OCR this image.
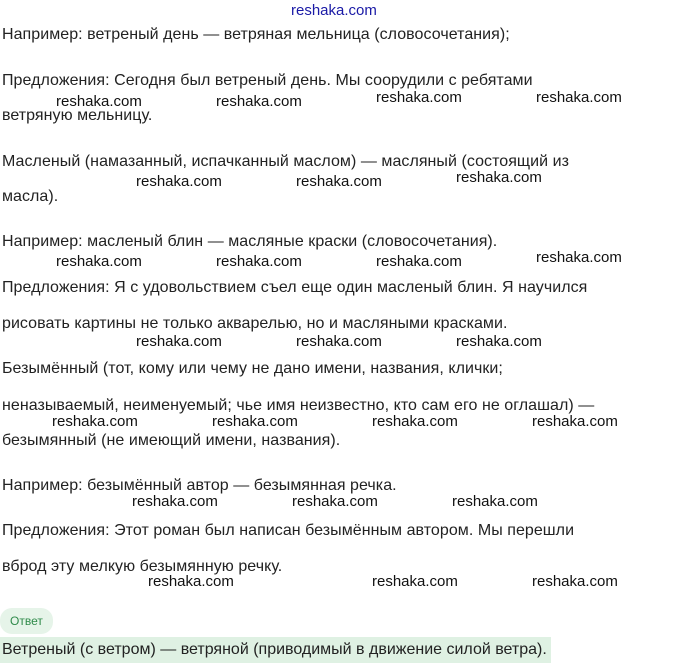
reshaka.com
Например: ветреный день — ветряная мельница (словосочетания);
Предложения: Сегодня был ветреный день. Мы соорудили с ребятами
ветряную мельницу.
Масленый (намазанный, испачканный маслом) — масляный (состоящий из
масла).
Например: масленый блин — масляные краски (словосочетания).
Предложения: Я с удовольствием съел еще один масленый блин. Я научился
рисовать картины не только акварелью, но и масляными красками.
Безымённый (тот, кому или чему не дано имени, названия, клички;
неназываемый, неименуемый; чье имя неизвестно, кто сам его не оглашал) —
безымянный (не имеющий имени, названия).
Например: безымённый автор — безымянная речка.
Предложения: Этот роман был написан безымённым автором. Мы перешли
вброд эту мелкую безымянную речку.
reshaka.com	reshaka.com	reshaka.com	reshaka.com
reshaka.com	reshaka.com	reshaka.com
reshaka.com	reshaka.com	reshaka.com	reshaka.com
reshaka.com	reshaka.com	reshaka.com
reshaka.com	reshaka.com	reshaka.com	reshaka.com
reshaka.com	reshaka.com	reshaka.com
reshaka.com	reshaka.com	reshaka.com
Ответ
Ветреный (с ветром) — ветряной (приводимый в движение силой ветра).
